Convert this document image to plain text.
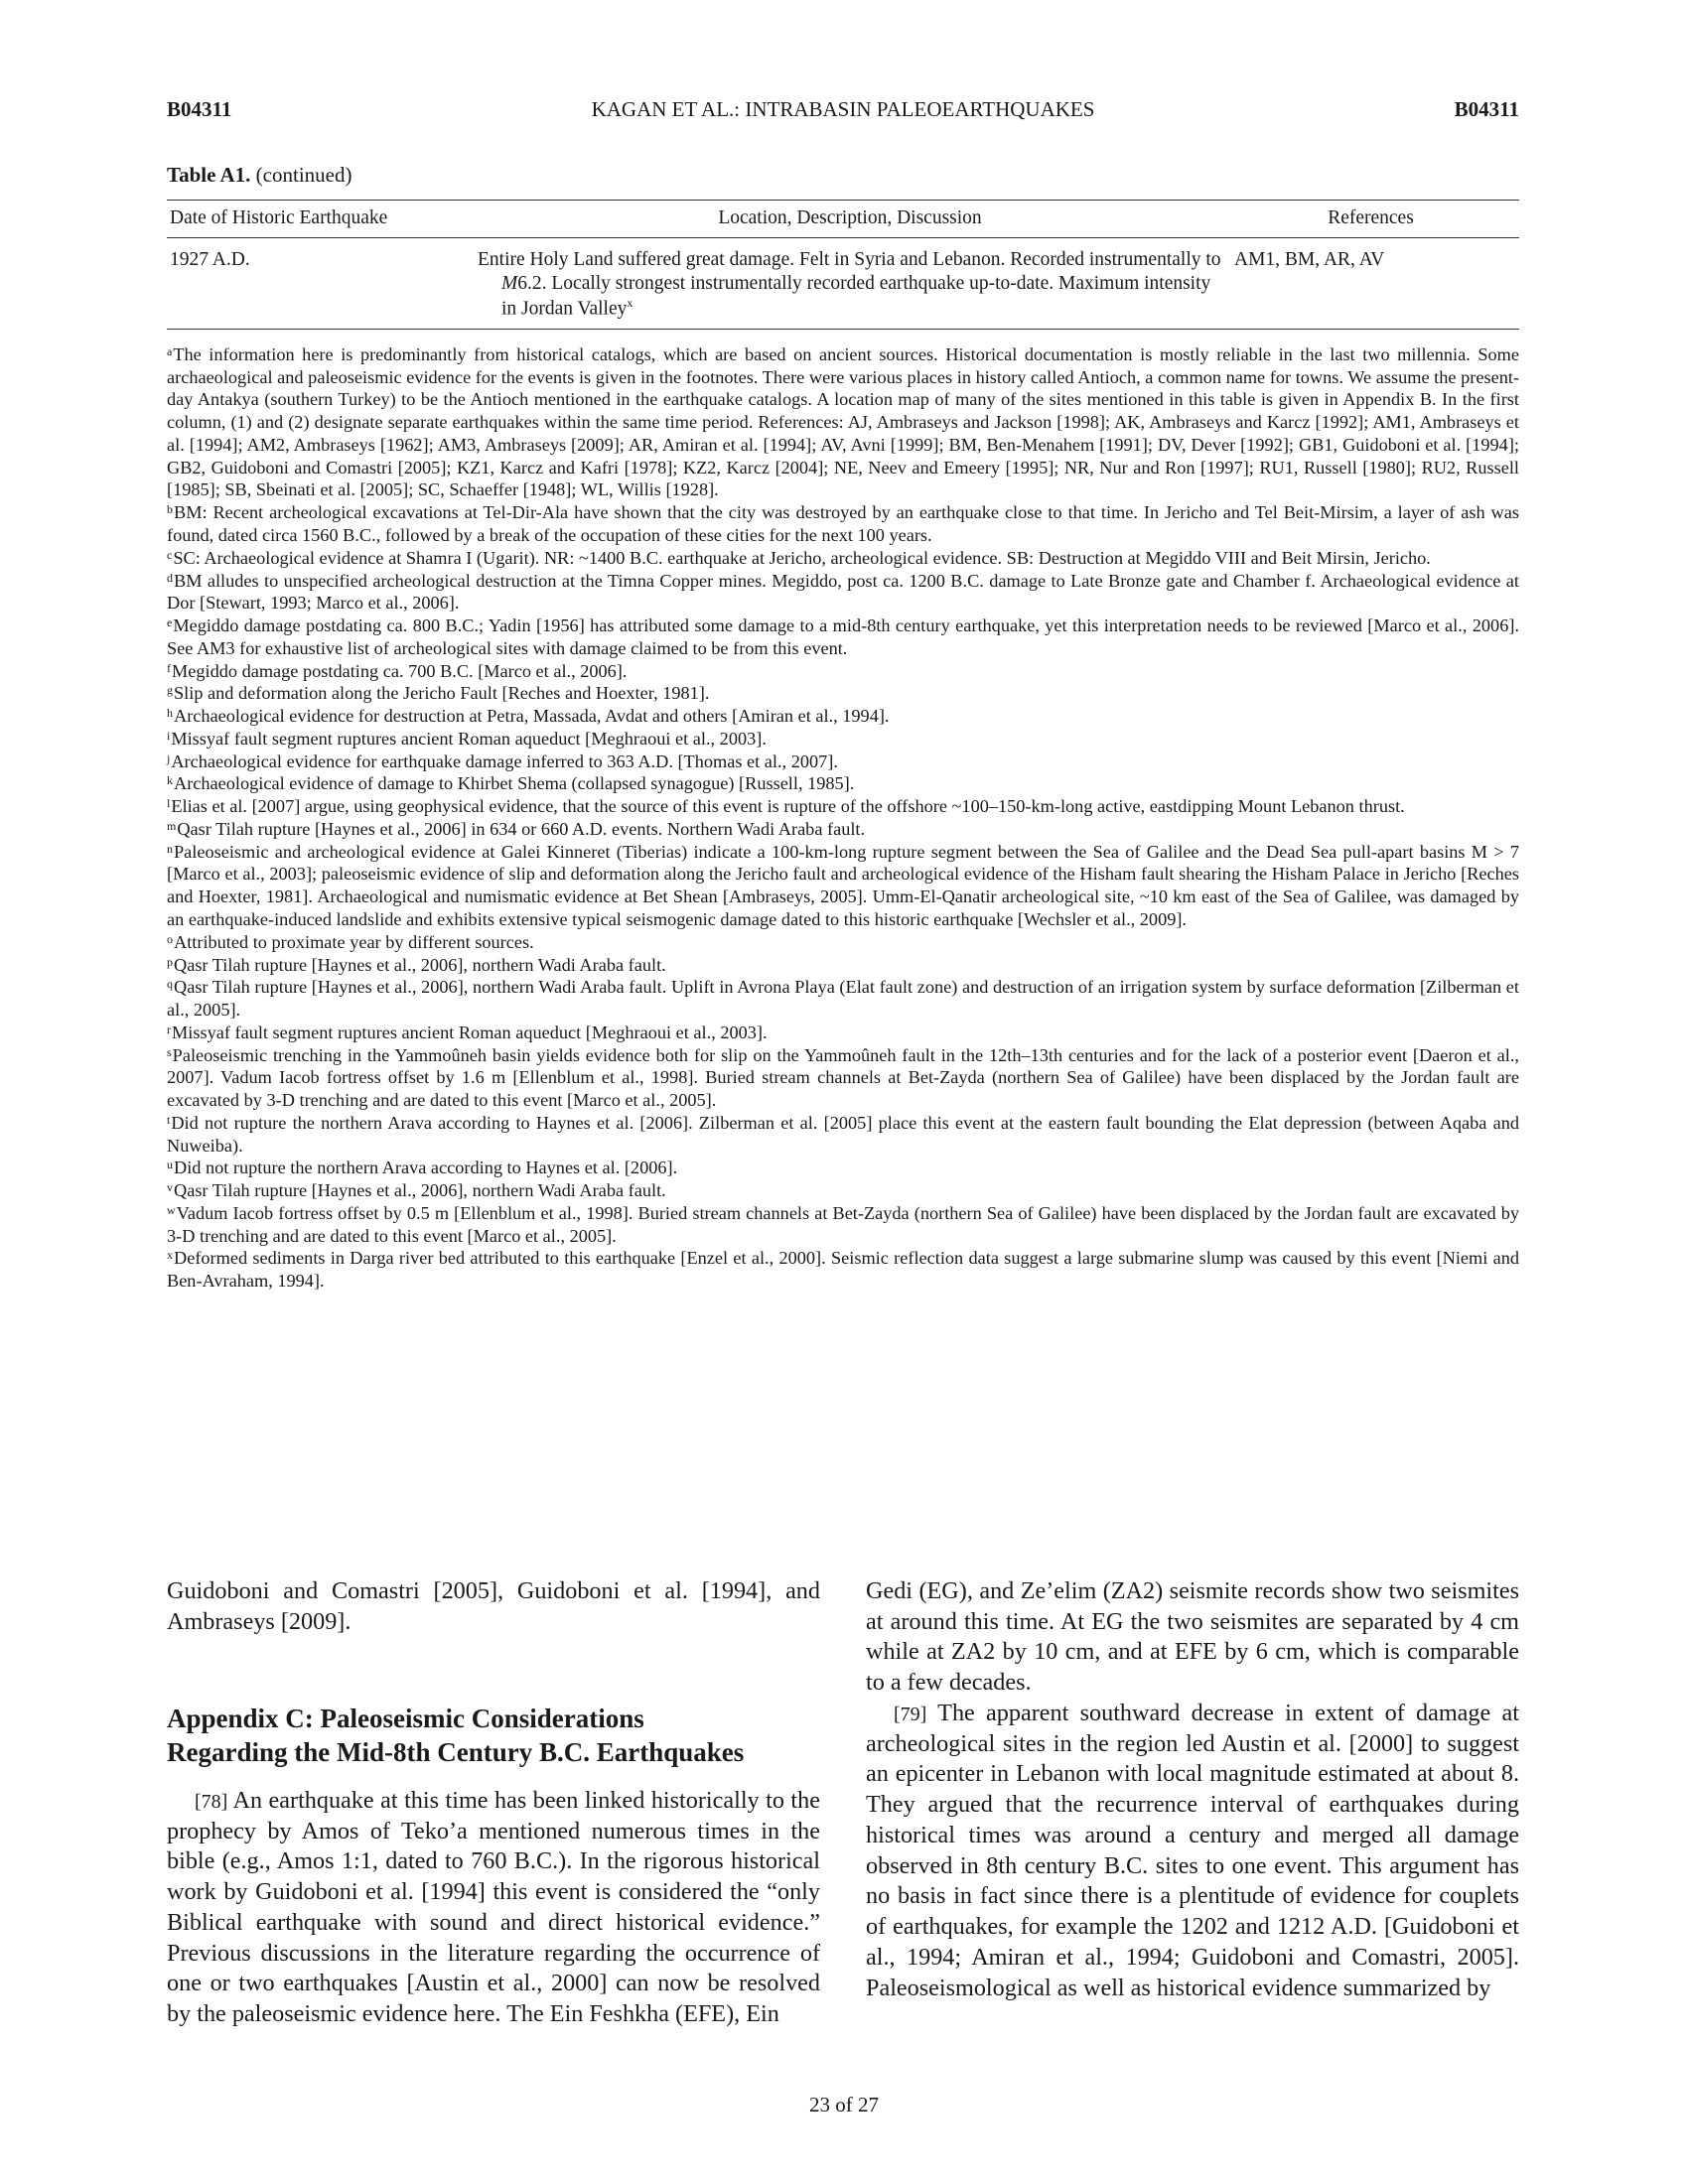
B04311	KAGAN ET AL.: INTRABASIN PALEOEARTHQUAKES	B04311
Table A1. (continued)
Date of Historic Earthquake	Location, Description, Discussion	References
1927 A.D.	Entire Holy Land suffered great damage. Felt in Syria and Lebanon. Recorded instrumentally to M6.2. Locally strongest instrumentally recorded earthquake up-to-date. Maximum intensity in Jordan Valley$^x$	AM1, BM, AR, AV

$^a$The information here is predominantly from historical catalogs, which are based on ancient sources. Historical documentation is mostly reliable in the last two millennia. Some archaeological and paleoseismic evidence for the events is given in the footnotes. There were various places in history called Antioch, a common name for towns. We assume the present-day Antakya (southern Turkey) to be the Antioch mentioned in the earthquake catalogs. A location map of many of the sites mentioned in this table is given in Appendix B. In the first column, (1) and (2) designate separate earthquakes within the same time period. References: AJ, Ambraseys and Jackson [1998]; AK, Ambraseys and Karcz [1992]; AM1, Ambraseys et al. [1994]; AM2, Ambraseys [1962]; AM3, Ambraseys [2009]; AR, Amiran et al. [1994]; AV, Avni [1999]; BM, Ben-Menahem [1991]; DV, Dever [1992]; GB1, Guidoboni et al. [1994]; GB2, Guidoboni and Comastri [2005]; KZ1, Karcz and Kafri [1978]; KZ2, Karcz [2004]; NE, Neev and Emeery [1995]; NR, Nur and Ron [1997]; RU1, Russell [1980]; RU2, Russell [1985]; SB, Sbeinati et al. [2005]; SC, Schaeffer [1948]; WL, Willis [1928].

$^b$BM: Recent archeological excavations at Tel-Dir-Ala have shown that the city was destroyed by an earthquake close to that time. In Jericho and Tel Beit-Mirsim, a layer of ash was found, dated circa 1560 B.C., followed by a break of the occupation of these cities for the next 100 years.

$^c$SC: Archaeological evidence at Shamra I (Ugarit). NR: ~1400 B.C. earthquake at Jericho, archeological evidence. SB: Destruction at Megiddo VIII and Beit Mirsin, Jericho.

$^d$BM alludes to unspecified archeological destruction at the Timna Copper mines. Megiddo, post ca. 1200 B.C. damage to Late Bronze gate and Chamber f. Archaeological evidence at Dor [Stewart, 1993; Marco et al., 2006].

$^e$Megiddo damage postdating ca. 800 B.C.; Yadin [1956] has attributed some damage to a mid-8th century earthquake, yet this interpretation needs to be reviewed [Marco et al., 2006]. See AM3 for exhaustive list of archeological sites with damage claimed to be from this event.

$^f$Megiddo damage postdating ca. 700 B.C. [Marco et al., 2006].

$^g$Slip and deformation along the Jericho Fault [Reches and Hoexter, 1981].

$^h$Archaeological evidence for destruction at Petra, Massada, Avdat and others [Amiran et al., 1994].

$^i$Missyaf fault segment ruptures ancient Roman aqueduct [Meghraoui et al., 2003].

$^j$Archaeological evidence for earthquake damage inferred to 363 A.D. [Thomas et al., 2007].

$^k$Archaeological evidence of damage to Khirbet Shema (collapsed synagogue) [Russell, 1985].

$^l$Elias et al. [2007] argue, using geophysical evidence, that the source of this event is rupture of the offshore ~100–150-km-long active, eastdipping Mount Lebanon thrust.

$^m$Qasr Tilah rupture [Haynes et al., 2006] in 634 or 660 A.D. events. Northern Wadi Araba fault.

$^n$Paleoseismic and archeological evidence at Galei Kinneret (Tiberias) indicate a 100-km-long rupture segment between the Sea of Galilee and the Dead Sea pull-apart basins M > 7 [Marco et al., 2003]; paleoseismic evidence of slip and deformation along the Jericho fault and archeological evidence of the Hisham fault shearing the Hisham Palace in Jericho [Reches and Hoexter, 1981]. Archaeological and numismatic evidence at Bet Shean [Ambraseys, 2005]. Umm-El-Qanatir archeological site, ~10 km east of the Sea of Galilee, was damaged by an earthquake-induced landslide and exhibits extensive typical seismogenic damage dated to this historic earthquake [Wechsler et al., 2009].

$^o$Attributed to proximate year by different sources.

$^p$Qasr Tilah rupture [Haynes et al., 2006], northern Wadi Araba fault.

$^q$Qasr Tilah rupture [Haynes et al., 2006], northern Wadi Araba fault. Uplift in Avrona Playa (Elat fault zone) and destruction of an irrigation system by surface deformation [Zilberman et al., 2005].

$^r$Missyaf fault segment ruptures ancient Roman aqueduct [Meghraoui et al., 2003].

$^s$Paleoseismic trenching in the Yammoûneh basin yields evidence both for slip on the Yammoûneh fault in the 12th–13th centuries and for the lack of a posterior event [Daeron et al., 2007]. Vadum Iacob fortress offset by 1.6 m [Ellenblum et al., 1998]. Buried stream channels at Bet-Zayda (northern Sea of Galilee) have been displaced by the Jordan fault are excavated by 3-D trenching and are dated to this event [Marco et al., 2005].

$^t$Did not rupture the northern Arava according to Haynes et al. [2006]. Zilberman et al. [2005] place this event at the eastern fault bounding the Elat depression (between Aqaba and Nuweiba).

$^u$Did not rupture the northern Arava according to Haynes et al. [2006].

$^v$Qasr Tilah rupture [Haynes et al., 2006], northern Wadi Araba fault.

$^w$Vadum Iacob fortress offset by 0.5 m [Ellenblum et al., 1998]. Buried stream channels at Bet-Zayda (northern Sea of Galilee) have been displaced by the Jordan fault are excavated by 3-D trenching and are dated to this event [Marco et al., 2005].

$^x$Deformed sediments in Darga river bed attributed to this earthquake [Enzel et al., 2000]. Seismic reflection data suggest a large submarine slump was caused by this event [Niemi and Ben-Avraham, 1994].

Guidoboni and Comastri [2005], Guidoboni et al. [1994], and Ambraseys [2009].

Appendix C: Paleoseismic Considerations
Regarding the Mid-8th Century B.C. Earthquakes

[78] An earthquake at this time has been linked historically to the prophecy by Amos of Teko’a mentioned numerous times in the bible (e.g., Amos 1:1, dated to 760 B.C.). In the rigorous historical work by Guidoboni et al. [1994] this event is considered the “only Biblical earthquake with sound and direct historical evidence.” Previous discussions in the literature regarding the occurrence of one or two earthquakes [Austin et al., 2000] can now be resolved by the paleoseismic evidence here. The Ein Feshkha (EFE), Ein

Gedi (EG), and Ze’elim (ZA2) seismite records show two seismites at around this time. At EG the two seismites are separated by 4 cm while at ZA2 by 10 cm, and at EFE by 6 cm, which is comparable to a few decades.

[79] The apparent southward decrease in extent of damage at archeological sites in the region led Austin et al. [2000] to suggest an epicenter in Lebanon with local magnitude estimated at about 8. They argued that the recurrence interval of earthquakes during historical times was around a century and merged all damage observed in 8th century B.C. sites to one event. This argument has no basis in fact since there is a plentitude of evidence for couplets of earthquakes, for example the 1202 and 1212 A.D. [Guidoboni et al., 1994; Amiran et al., 1994; Guidoboni and Comastri, 2005]. Paleoseismological as well as historical evidence summarized by

23 of 27
